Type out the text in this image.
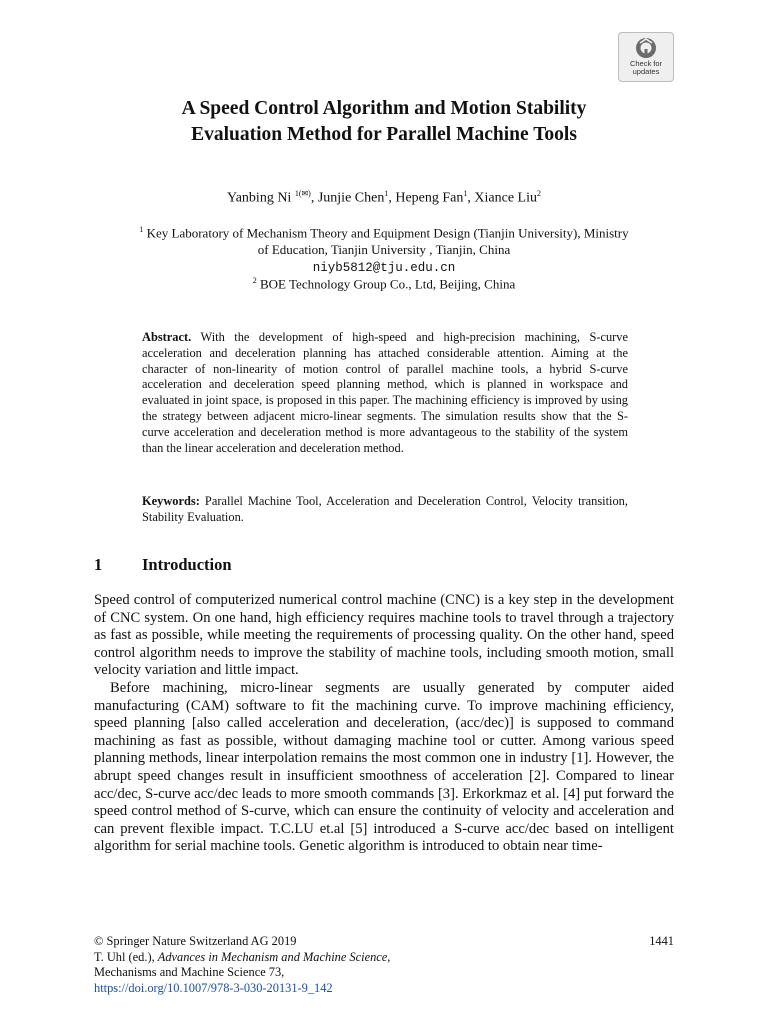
Check for
updates
A Speed Control Algorithm and Motion Stability
Evaluation Method for Parallel Machine Tools
Yanbing Ni $^{1(✉)}$, Junjie Chen$^1$, Hepeng Fan$^1$, Xiance Liu$^2$
$^1$ Key Laboratory of Mechanism Theory and Equipment Design (Tianjin University), Ministry
of Education, Tianjin University , Tianjin, China
niyb5812@tju.edu.cn
$^2$ BOE Technology Group Co., Ltd, Beijing, China
Abstract. With the development of high-speed and high-precision machining, S-curve acceleration and deceleration planning has attached considerable attention. Aiming at the character of non-linearity of motion control of parallel machine tools, a hybrid S-curve acceleration and deceleration speed planning method, which is planned in workspace and evaluated in joint space, is proposed in this paper. The machining efficiency is improved by using the strategy between adjacent micro-linear segments. The simulation results show that the S-curve acceleration and deceleration method is more advantageous to the stability of the system than the linear acceleration and deceleration method.
Keywords: Parallel Machine Tool, Acceleration and Deceleration Control, Velocity transition, Stability Evaluation.
1 Introduction

Speed control of computerized numerical control machine (CNC) is a key step in the development of CNC system. On one hand, high efficiency requires machine tools to travel through a trajectory as fast as possible, while meeting the requirements of processing quality. On the other hand, speed control algorithm needs to improve the stability of machine tools, including smooth motion, small velocity variation and little impact.

Before machining, micro-linear segments are usually generated by computer aided manufacturing (CAM) software to fit the machining curve. To improve machining efficiency, speed planning [also called acceleration and deceleration, (acc/dec)] is supposed to command machining as fast as possible, without damaging machine tool or cutter. Among various speed planning methods, linear interpolation remains the most common one in industry [1]. However, the abrupt speed changes result in insufficient smoothness of acceleration [2]. Compared to linear acc/dec, S-curve acc/dec leads to more smooth commands [3]. Erkorkmaz et al. [4] put forward the speed control method of S-curve, which can ensure the continuity of velocity and acceleration and can prevent flexible impact. T.C.LU et.al [5] introduced a S-curve acc/dec based on intelligent algorithm for serial machine tools. Genetic algorithm is introduced to obtain near time-

© Springer Nature Switzerland AG 2019	1441
T. Uhl (ed.), Advances in Mechanism and Machine Science,
Mechanisms and Machine Science 73,
https://doi.org/10.1007/978-3-030-20131-9_142
